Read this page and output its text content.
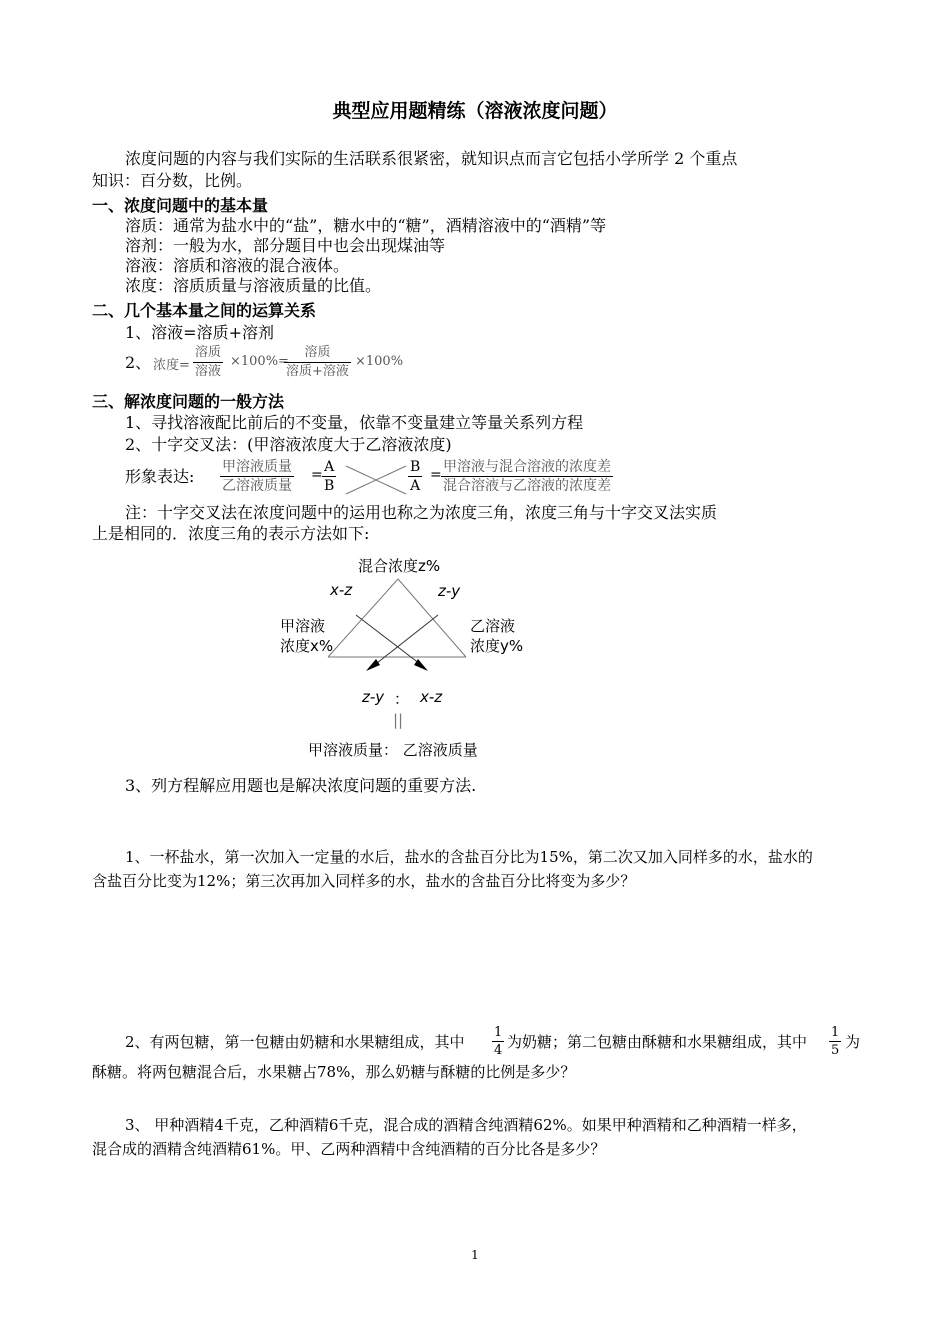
典型应用题精练（溶液浓度问题）
浓度问题的内容与我们实际的生活联系很紧密，就知识点而言它包括小学所学 2 个重点
知识：百分数，比例。
一、浓度问题中的基本量
溶质：通常为盐水中的“盐”，糖水中的“糖”，酒精溶液中的“酒精”等
溶剂：一般为水，部分题目中也会出现煤油等
溶液：溶质和溶液的混合液体。
浓度：溶质质量与溶液质量的比值。
二、几个基本量之间的运算关系
1、溶液=溶质+溶剂
2、 浓度=
溶质
溶液
×100%=
溶质
溶质+溶液
×100%
三、解浓度问题的一般方法
1、寻找溶液配比前后的不变量，依靠不变量建立等量关系列方程
2、十字交叉法：(甲溶液浓度大于乙溶液浓度)
形象表达: 甲溶液质量
乙溶液质量
= $\frac{A}{B}$	$\frac{B}{A}$ = 甲溶液与混合溶液的浓度差
混合溶液与乙溶液的浓度差
注：十字交叉法在浓度问题中的运用也称之为浓度三角，浓度三角与十字交叉法实质
上是相同的．浓度三角的表示方法如下:
混合浓度z%
x-z	z-y
甲溶液
浓度x%
乙溶液
浓度y%
z-y ： x-z
||
甲溶液质量： 乙溶液质量
3、列方程解应用题也是解决浓度问题的重要方法.
1、一杯盐水，第一次加入一定量的水后，盐水的含盐百分比为15%，第二次又加入同样多的水，盐水的
含盐百分比变为12%；第三次再加入同样多的水，盐水的含盐百分比将变为多少？
2、有两包糖，第一包糖由奶糖和水果糖组成，其中 $\frac{1}{4}$ 为奶糖；第二包糖由酥糖和水果糖组成，其中 $\frac{1}{5}$ 为
酥糖。将两包糖混合后，水果糖占78%，那么奶糖与酥糖的比例是多少？
3、 甲种酒精4千克，乙种酒精6千克，混合成的酒精含纯酒精62%。如果甲种酒精和乙种酒精一样多，
混合成的酒精含纯酒精61%。甲、乙两种酒精中含纯酒精的百分比各是多少？
1
